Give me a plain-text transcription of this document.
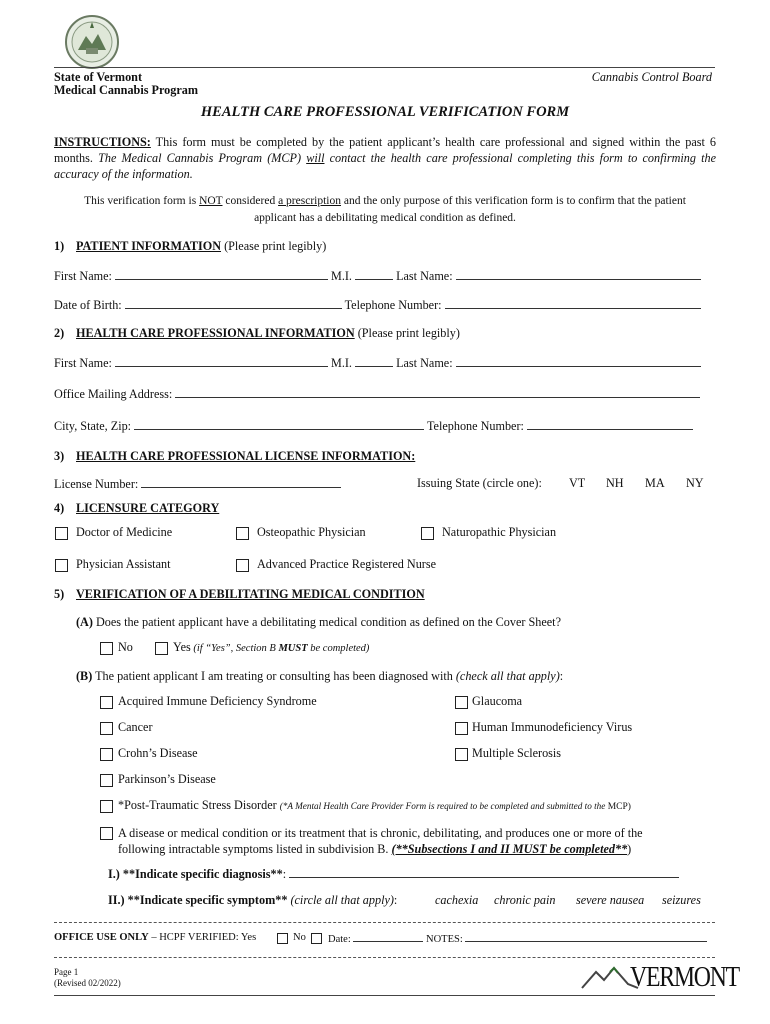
State of Vermont
Medical Cannabis Program
Cannabis Control Board
HEALTH CARE PROFESSIONAL VERIFICATION FORM
INSTRUCTIONS: This form must be completed by the patient applicant’s health care professional and signed within the past 6 months. The Medical Cannabis Program (MCP) will contact the health care professional completing this form to confirming the accuracy of the information.
This verification form is NOT considered a prescription and the only purpose of this verification form is to confirm that the patient
applicant has a debilitating medical condition as defined.
1) PATIENT INFORMATION (Please print legibly)
First Name:	M.I.	Last Name:
Date of Birth:	Telephone Number:
2) HEALTH CARE PROFESSIONAL INFORMATION (Please print legibly)
First Name:	M.I.	Last Name:
Office Mailing Address:
City, State, Zip:	Telephone Number:
3) HEALTH CARE PROFESSIONAL LICENSE INFORMATION:
License Number:	Issuing State (circle one): VT NH MA NY
4) LICENSURE CATEGORY
Doctor of Medicine	Osteopathic Physician	Naturopathic Physician
Physician Assistant	Advanced Practice Registered Nurse
5) VERIFICATION OF A DEBILITATING MEDICAL CONDITION
(A) Does the patient applicant have a debilitating medical condition as defined on the Cover Sheet?
No	Yes (if “Yes”, Section B MUST be completed)
(B) The patient applicant I am treating or consulting has been diagnosed with (check all that apply):
Acquired Immune Deficiency Syndrome	Glaucoma
Cancer	Human Immunodeficiency Virus
Crohn’s Disease	Multiple Sclerosis
Parkinson’s Disease
*Post-Traumatic Stress Disorder (*A Mental Health Care Provider Form is required to be completed and submitted to the MCP)
A disease or medical condition or its treatment that is chronic, debilitating, and produces one or more of the
following intractable symptoms listed in subdivision B. (**Subsections I and II MUST be completed**)
I.) **Indicate specific diagnosis**:
II.) **Indicate specific symptom** (circle all that apply):	cachexia chronic pain severe nausea seizures
OFFICE USE ONLY – HCPF VERIFIED: Yes	No Date:	NOTES:
Page 1
(Revised 02/2022)	VERMONT
